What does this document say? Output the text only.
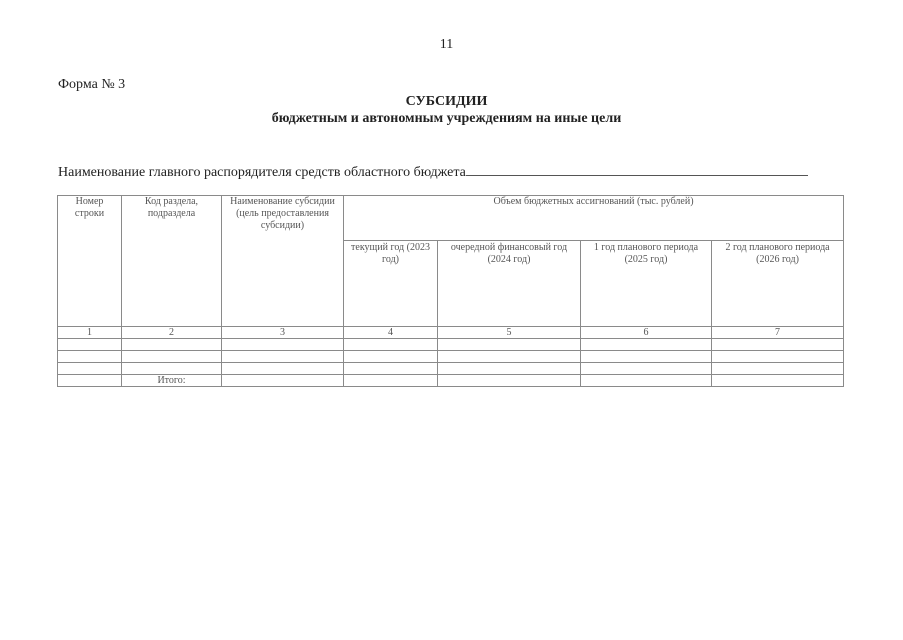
11
Форма № 3
СУБСИДИИ
бюджетным и автономным учреждениям на иные цели
Наименование главного распорядителя средств областного бюджета
Номер строки	Код раздела, подраздела	Наименование субсидии (цель предоставления субсидии)	Объем бюджетных ассигнований (тыс. рублей)			
			текущий год (2023 год)	очередной финансовый год (2024 год)	1 год планового периода (2025 год)	2 год планового периода (2026 год)
1	2	3	4	5	6	7

	Итого:					
